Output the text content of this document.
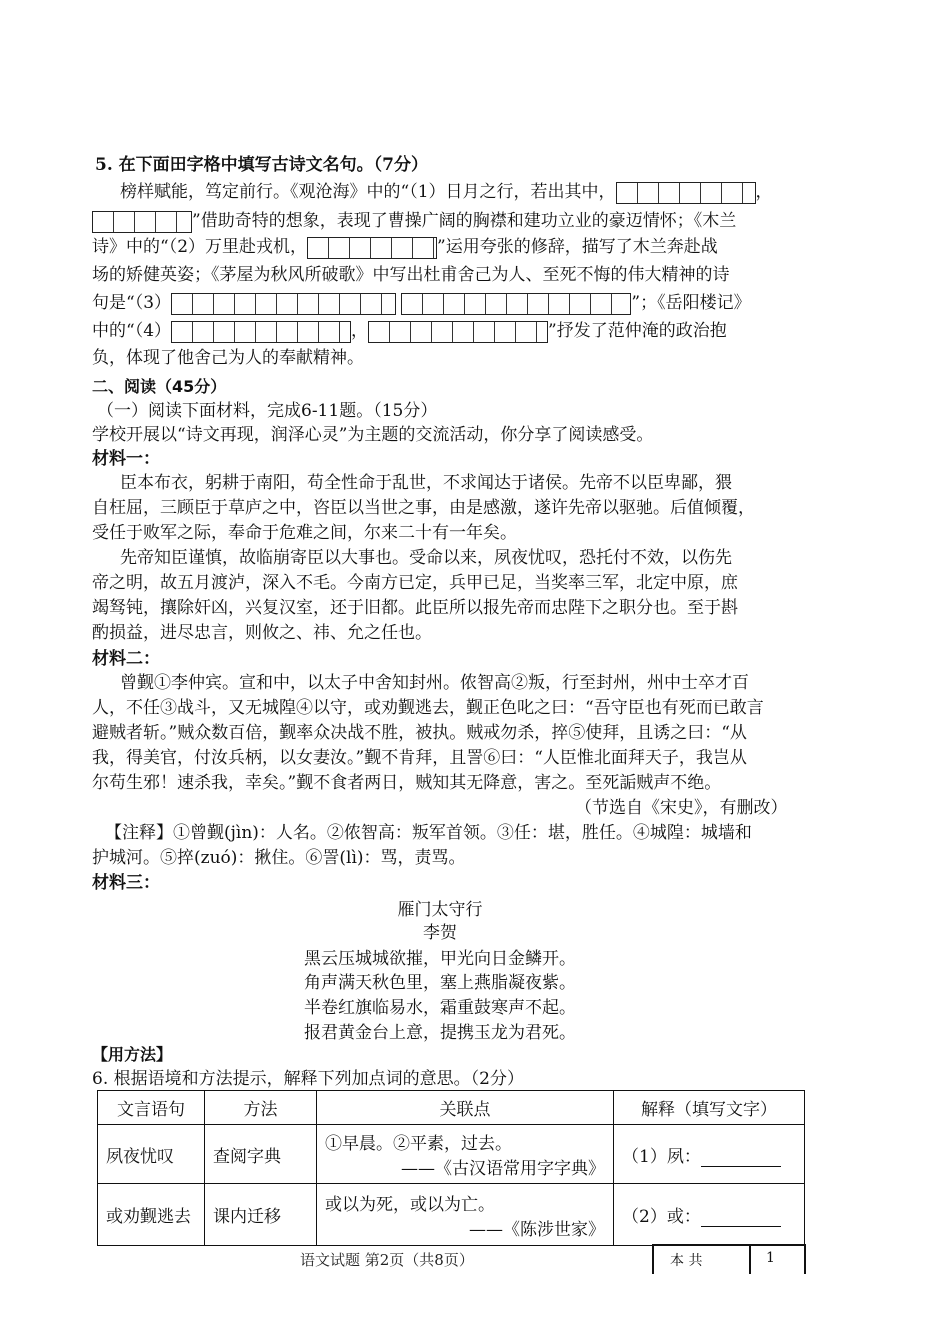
5. 在下面田字格中填写古诗文名句。（7分）
榜样赋能，笃定前行。《观沧海》中的“（1）日月之行，若出其中，	，
”借助奇特的想象，表现了曹操广阔的胸襟和建功立业的豪迈情怀；《木兰
诗》中的“（2）万里赴戎机，	”运用夸张的修辞，描写了木兰奔赴战
场的矫健英姿；《茅屋为秋风所破歌》中写出杜甫舍己为人、至死不悔的伟大精神的诗
句是“（3）	”；《岳阳楼记》
中的“（4）	，	”抒发了范仲淹的政治抱
负，体现了他舍己为人的奉献精神。
二、阅读（45分）
（一）阅读下面材料，完成6-11题。（15分）
学校开展以“诗文再现，润泽心灵”为主题的交流活动，你分享了阅读感受。
材料一：
臣本布衣，躬耕于南阳，苟全性命于乱世，不求闻达于诸侯。先帝不以臣卑鄙，猥
自枉屈，三顾臣于草庐之中，咨臣以当世之事，由是感激，遂许先帝以驱驰。后值倾覆，
受任于败军之际，奉命于危难之间，尔来二十有一年矣。
先帝知臣谨慎，故临崩寄臣以大事也。受命以来，夙夜忧叹，恐托付不效，以伤先
帝之明，故五月渡泸，深入不毛。今南方已定，兵甲已足，当奖率三军，北定中原，庶
竭驽钝，攘除奸凶，兴复汉室，还于旧都。此臣所以报先帝而忠陛下之职分也。至于斟
酌损益，进尽忠言，则攸之、祎、允之任也。
材料二：
曾觐①李仲宾。宣和中，以太子中舍知封州。侬智高②叛，行至封州，州中士卒才百
人，不任③战斗，又无城隍④以守，或劝觐逃去，觐正色叱之曰：“吾守臣也有死而已敢言
避贼者斩。”贼众数百倍，觐率众决战不胜，被执。贼戒勿杀，捽⑤使拜，且诱之曰：“从
我，得美官，付汝兵柄，以女妻汝。”觐不肯拜，且詈⑥曰：“人臣惟北面拜天子，我岂从
尔苟生邪！速杀我，幸矣。”觐不食者两日，贼知其无降意，害之。至死詬贼声不绝。
（节选自《宋史》，有删改）
【注释】①曾觐(jìn)：人名。②侬智高：叛军首领。③任：堪，胜任。④城隍：城墙和
护城河。⑤捽(zuó)：揪住。⑥詈(lì)：骂，责骂。
材料三：
雁门太守行
李贺
黑云压城城欲摧，甲光向日金鳞开。
角声满天秋色里，塞上燕脂凝夜紫。
半卷红旗临易水，霜重鼓寒声不起。
报君黄金台上意，提携玉龙为君死。
【用方法】
6. 根据语境和方法提示，解释下列加点词的意思。（2分）
文言语句	方法	关联点	解释（填写文字）
夙夜忧叹	查阅字典	①早晨。②平素，过去。
——《古汉语常用字字典》	（1）夙：
或劝觐逃去	课内迁移	或以为死，或以为亡。
——《陈涉世家》	（2）或：
语文试题 第2页（共8页）	本 共	1
